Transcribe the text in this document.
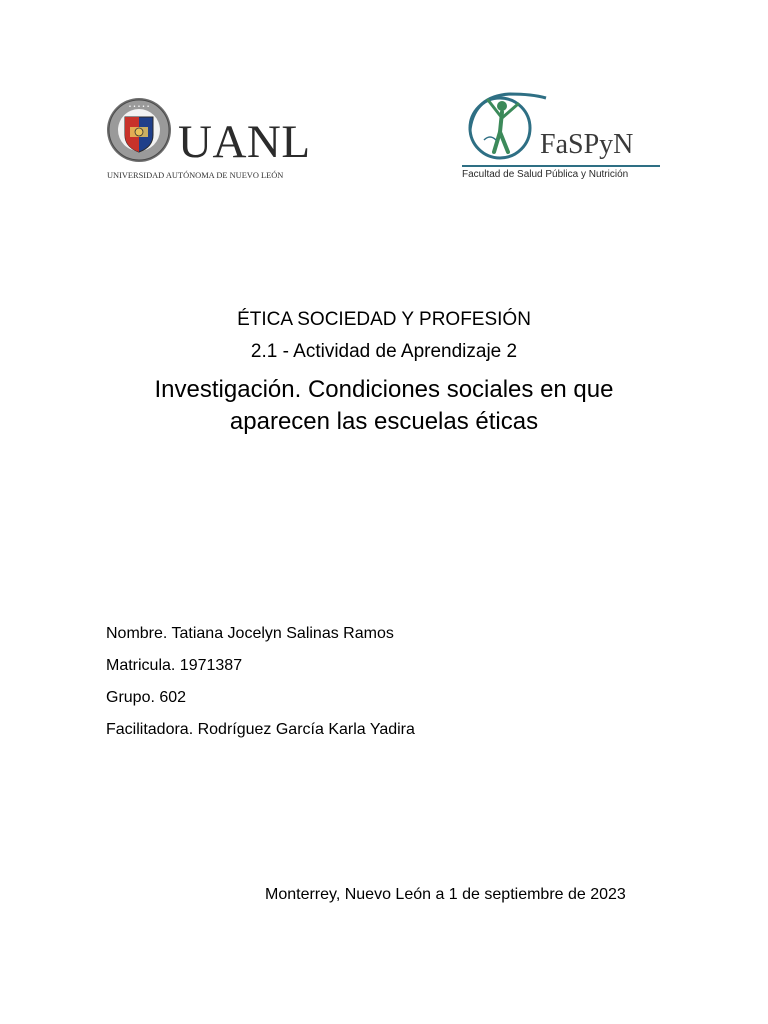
• • • • •
UANL
UNIVERSIDAD AUTÓNOMA DE NUEVO LEÓN
FaSPyN
Facultad de Salud Pública y Nutrición
ÉTICA SOCIEDAD Y PROFESIÓN
2.1 - Actividad de Aprendizaje 2
Investigación. Condiciones sociales en que
aparecen las escuelas éticas

Nombre. Tatiana Jocelyn Salinas Ramos

Matricula. 1971387

Grupo. 602

Facilitadora. Rodríguez García Karla Yadira

Monterrey, Nuevo León a 1 de septiembre de 2023
